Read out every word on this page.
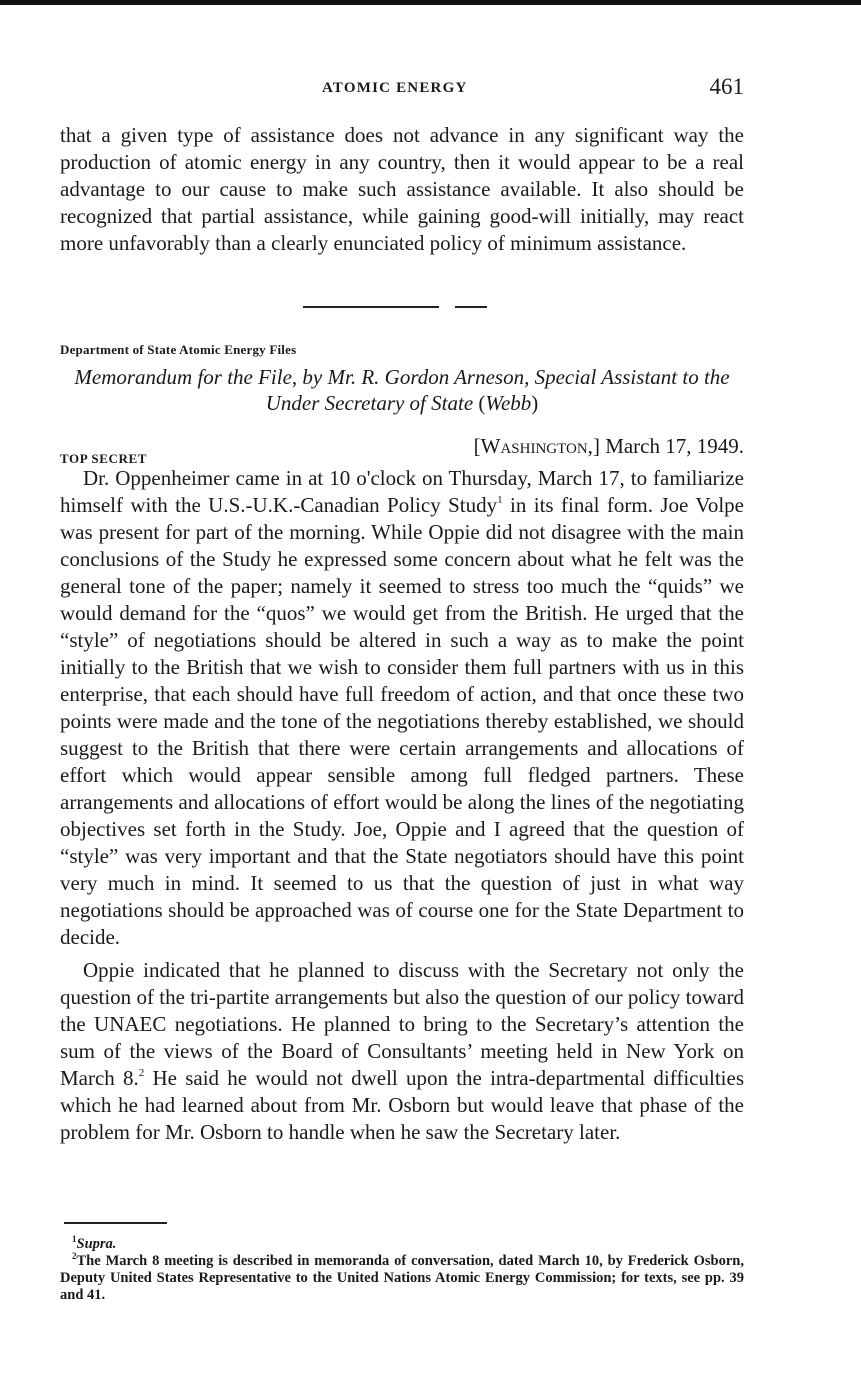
ATOMIC ENERGY	461

that a given type of assistance does not advance in any significant way the production of atomic energy in any country, then it would appear to be a real advantage to our cause to make such assistance available. It also should be recognized that partial assistance, while gaining good-will initially, may react more unfavorably than a clearly enunciated policy of minimum assistance.

Department of State Atomic Energy Files
Memorandum for the File, by Mr. R. Gordon Arneson, Special Assistant to the Under Secretary of State (Webb)
TOP SECRET
[Washington,] March 17, 1949.

Dr. Oppenheimer came in at 10 o'clock on Thursday, March 17, to familiarize himself with the U.S.-U.K.-Canadian Policy Study$^1$ in its final form. Joe Volpe was present for part of the morning. While Oppie did not disagree with the main conclusions of the Study he expressed some concern about what he felt was the general tone of the paper; namely it seemed to stress too much the “quids” we would demand for the “quos” we would get from the British. He urged that the “style” of negotiations should be altered in such a way as to make the point initially to the British that we wish to consider them full partners with us in this enterprise, that each should have full freedom of action, and that once these two points were made and the tone of the negotiations thereby established, we should suggest to the British that there were certain arrangements and allocations of effort which would appear sensible among full fledged partners. These arrangements and allocations of effort would be along the lines of the negotiating objectives set forth in the Study. Joe, Oppie and I agreed that the question of “style” was very important and that the State negotiators should have this point very much in mind. It seemed to us that the question of just in what way negotiations should be approached was of course one for the State Department to decide.

Oppie indicated that he planned to discuss with the Secretary not only the question of the tri-partite arrangements but also the question of our policy toward the UNAEC negotiations. He planned to bring to the Secretary’s attention the sum of the views of the Board of Consultants’ meeting held in New York on March 8.$^2$ He said he would not dwell upon the intra-departmental difficulties which he had learned about from Mr. Osborn but would leave that phase of the problem for Mr. Osborn to handle when he saw the Secretary later.

$^1$Supra.

$^2$The March 8 meeting is described in memoranda of conversation, dated March 10, by Frederick Osborn, Deputy United States Representative to the United Nations Atomic Energy Commission; for texts, see pp. 39 and 41.
